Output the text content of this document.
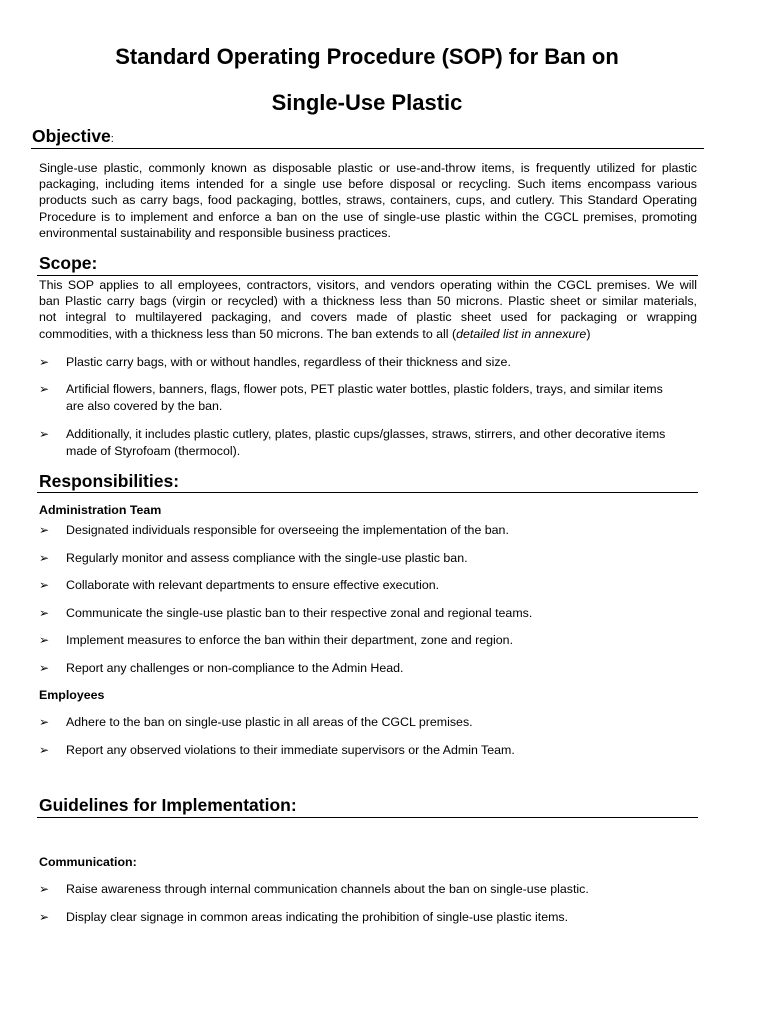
Standard Operating Procedure (SOP) for Ban on
Single-Use Plastic
Objective:
Single-use plastic, commonly known as disposable plastic or use-and-throw items, is frequently utilized for plastic
packaging, including items intended for a single use before disposal or recycling. Such items encompass various
products such as carry bags, food packaging, bottles, straws, containers, cups, and cutlery. This Standard Operating
Procedure is to implement and enforce a ban on the use of single-use plastic within the CGCL premises, promoting
environmental sustainability and responsible business practices.
Scope:
This SOP applies to all employees, contractors, visitors, and vendors operating within the CGCL premises. We will
ban Plastic carry bags (virgin or recycled) with a thickness less than 50 microns. Plastic sheet or similar materials,
not integral to multilayered packaging, and covers made of plastic sheet used for packaging or wrapping
commodities, with a thickness less than 50 microns. The ban extends to all (detailed list in annexure)
➢ Plastic carry bags, with or without handles, regardless of their thickness and size.
➢ Artificial flowers, banners, flags, flower pots, PET plastic water bottles, plastic folders, trays, and similar items
are also covered by the ban.
➢ Additionally, it includes plastic cutlery, plates, plastic cups/glasses, straws, stirrers, and other decorative items
made of Styrofoam (thermocol).
Responsibilities:
Administration Team
➢ Designated individuals responsible for overseeing the implementation of the ban.
➢ Regularly monitor and assess compliance with the single-use plastic ban.
➢ Collaborate with relevant departments to ensure effective execution.
➢ Communicate the single-use plastic ban to their respective zonal and regional teams.
➢ Implement measures to enforce the ban within their department, zone and region.
➢ Report any challenges or non-compliance to the Admin Head.
Employees
➢ Adhere to the ban on single-use plastic in all areas of the CGCL premises.
➢ Report any observed violations to their immediate supervisors or the Admin Team.
Guidelines for Implementation:
Communication:
➢ Raise awareness through internal communication channels about the ban on single-use plastic.
➢ Display clear signage in common areas indicating the prohibition of single-use plastic items.
